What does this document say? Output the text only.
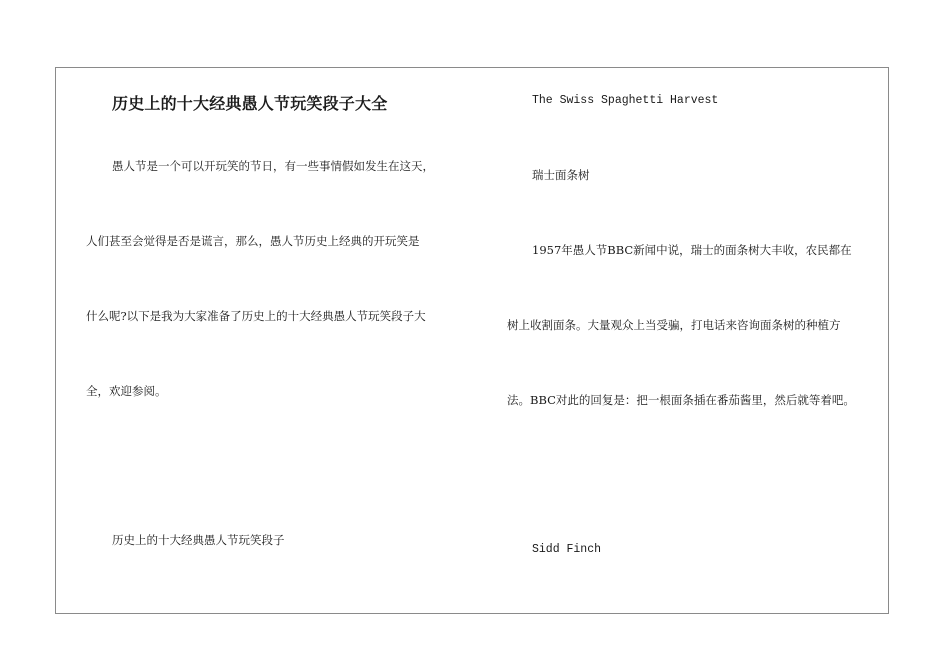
历史上的十大经典愚人节玩笑段子大全
愚人节是一个可以开玩笑的节日，有一些事情假如发生在这天，
人们甚至会觉得是否是谎言，那么，愚人节历史上经典的开玩笑是
什么呢?以下是我为大家准备了历史上的十大经典愚人节玩笑段子大
全，欢迎参阅。
历史上的十大经典愚人节玩笑段子
The Swiss Spaghetti Harvest
瑞士面条树
1957年愚人节BBC新闻中说，瑞士的面条树大丰收，农民都在
树上收割面条。大量观众上当受骗，打电话来咨询面条树的种植方
法。BBC对此的回复是：把一根面条插在番茄酱里，然后就等着吧。
Sidd Finch
